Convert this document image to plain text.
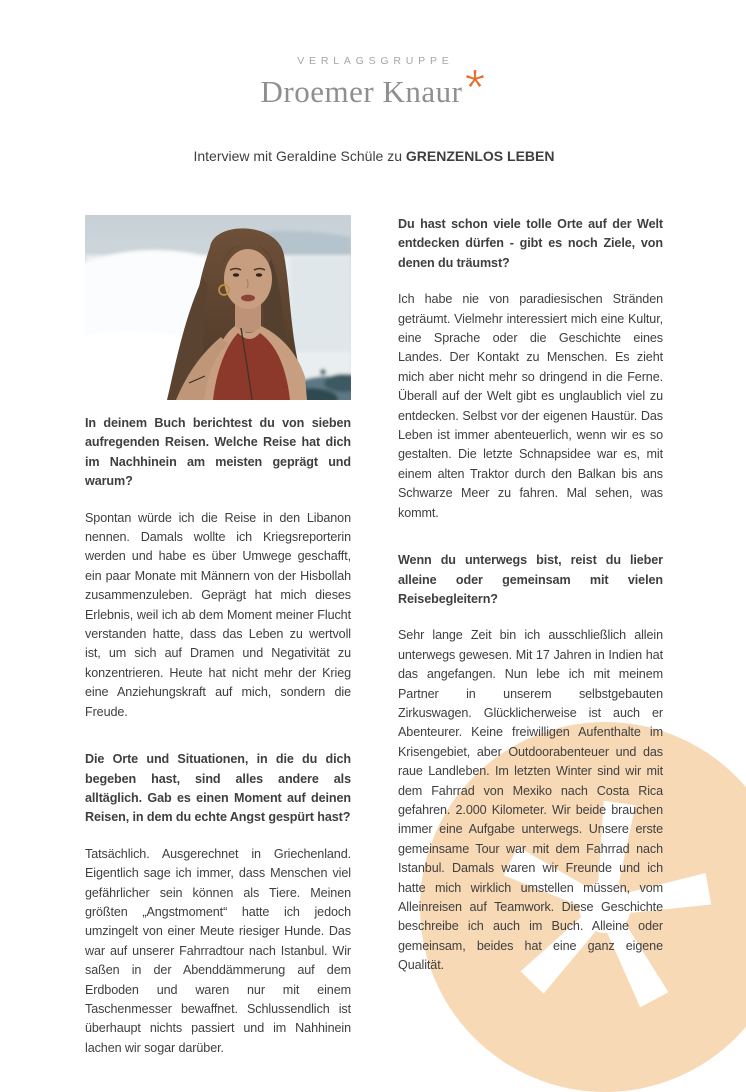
VERLAGSGRUPPE
Droemer Knaur
Interview mit Geraldine Schüle zu GRENZENLOS LEBEN

In deinem Buch berichtest du von sieben aufregenden Reisen. Welche Reise hat dich im Nachhinein am meisten geprägt und warum?

Spontan würde ich die Reise in den Libanon nennen. Damals wollte ich Kriegsreporterin werden und habe es über Umwege geschafft, ein paar Monate mit Männern von der Hisbollah zusammenzuleben. Geprägt hat mich dieses Erlebnis, weil ich ab dem Moment meiner Flucht verstanden hatte, dass das Leben zu wertvoll ist, um sich auf Dramen und Negativität zu konzentrieren. Heute hat nicht mehr der Krieg eine Anziehungskraft auf mich, sondern die Freude.

Die Orte und Situationen, in die du dich begeben hast, sind alles andere als alltäglich. Gab es einen Moment auf deinen Reisen, in dem du echte Angst gespürt hast?

Tatsächlich. Ausgerechnet in Griechenland. Eigentlich sage ich immer, dass Menschen viel gefährlicher sein können als Tiere. Meinen größten „Angstmoment“ hatte ich jedoch umzingelt von einer Meute riesiger Hunde. Das war auf unserer Fahrradtour nach Istanbul. Wir saßen in der Abenddämmerung auf dem Erdboden und waren nur mit einem Taschenmesser bewaffnet. Schlussendlich ist überhaupt nichts passiert und im Nahhinein lachen wir sogar darüber.

Du hast schon viele tolle Orte auf der Welt entdecken dürfen - gibt es noch Ziele, von denen du träumst?

Ich habe nie von paradiesischen Stränden geträumt. Vielmehr interessiert mich eine Kultur, eine Sprache oder die Geschichte eines Landes. Der Kontakt zu Menschen. Es zieht mich aber nicht mehr so dringend in die Ferne. Überall auf der Welt gibt es unglaublich viel zu entdecken. Selbst vor der eigenen Haustür. Das Leben ist immer abenteuerlich, wenn wir es so gestalten. Die letzte Schnapsidee war es, mit einem alten Traktor durch den Balkan bis ans Schwarze Meer zu fahren. Mal sehen, was kommt.

Wenn du unterwegs bist, reist du lieber alleine oder gemeinsam mit vielen Reisebegleitern?

Sehr lange Zeit bin ich ausschließlich allein unterwegs gewesen. Mit 17 Jahren in Indien hat das angefangen. Nun lebe ich mit meinem Partner in unserem selbstgebauten Zirkuswagen. Glücklicherweise ist auch er Abenteurer. Keine freiwilligen Aufenthalte im Krisengebiet, aber Outdoorabenteuer und das raue Landleben. Im letzten Winter sind wir mit dem Fahrrad von Mexiko nach Costa Rica gefahren. 2.000 Kilometer. Wir beide brauchen immer eine Aufgabe unterwegs. Unsere erste gemeinsame Tour war mit dem Fahrrad nach Istanbul. Damals waren wir Freunde und ich hatte mich wirklich umstellen müssen, vom Alleinreisen auf Teamwork. Diese Geschichte beschreibe ich auch im Buch. Alleine oder gemeinsam, beides hat eine ganz eigene Qualität.
